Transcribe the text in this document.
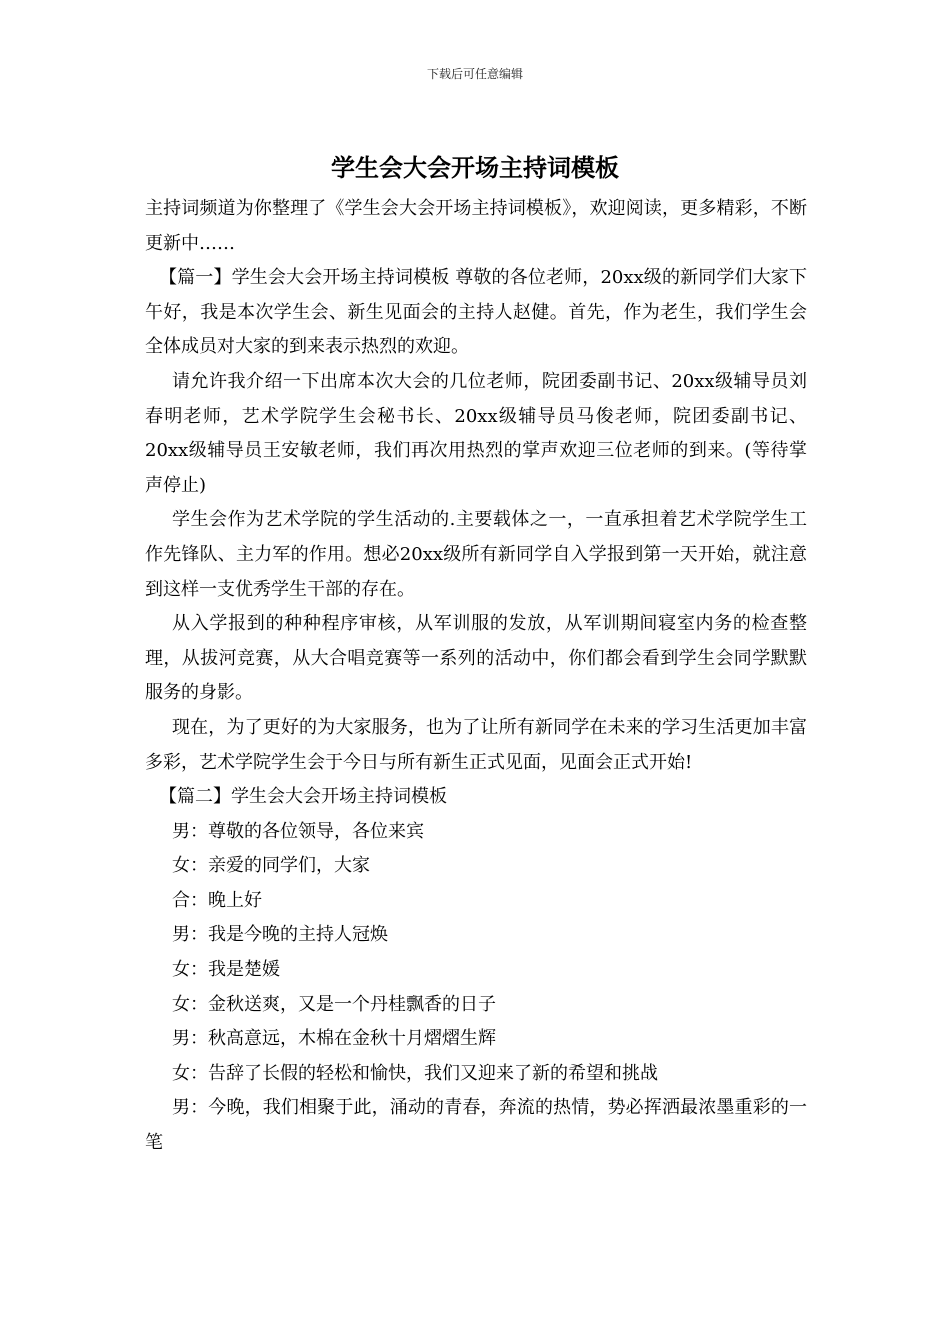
下载后可任意编辑
学生会大会开场主持词模板

主持词频道为你整理了《学生会大会开场主持词模板》，欢迎阅读，更多精彩，不断更新中……

【篇一】学生会大会开场主持词模板 尊敬的各位老师，20xx级的新同学们大家下午好，我是本次学生会、新生见面会的主持人赵健。首先，作为老生，我们学生会全体成员对大家的到来表示热烈的欢迎。

请允许我介绍一下出席本次大会的几位老师，院团委副书记、20xx级辅导员刘春明老师，艺术学院学生会秘书长、20xx级辅导员马俊老师，院团委副书记、20xx级辅导员王安敏老师，我们再次用热烈的掌声欢迎三位老师的到来。(等待掌声停止)

学生会作为艺术学院的学生活动的.主要载体之一，一直承担着艺术学院学生工作先锋队、主力军的作用。想必20xx级所有新同学自入学报到第一天开始，就注意到这样一支优秀学生干部的存在。

从入学报到的种种程序审核，从军训服的发放，从军训期间寝室内务的检查整理，从拔河竞赛，从大合唱竞赛等一系列的活动中，你们都会看到学生会同学默默服务的身影。

现在，为了更好的为大家服务，也为了让所有新同学在未来的学习生活更加丰富多彩，艺术学院学生会于今日与所有新生正式见面，见面会正式开始!

【篇二】学生会大会开场主持词模板

男：尊敬的各位领导，各位来宾

女：亲爱的同学们，大家

合：晚上好

男：我是今晚的主持人冠焕

女：我是楚媛

女：金秋送爽，又是一个丹桂飘香的日子

男：秋高意远，木棉在金秋十月熠熠生辉

女：告辞了长假的轻松和愉快，我们又迎来了新的希望和挑战

男：今晚，我们相聚于此，涌动的青春，奔流的热情，势必挥洒最浓墨重彩的一笔
